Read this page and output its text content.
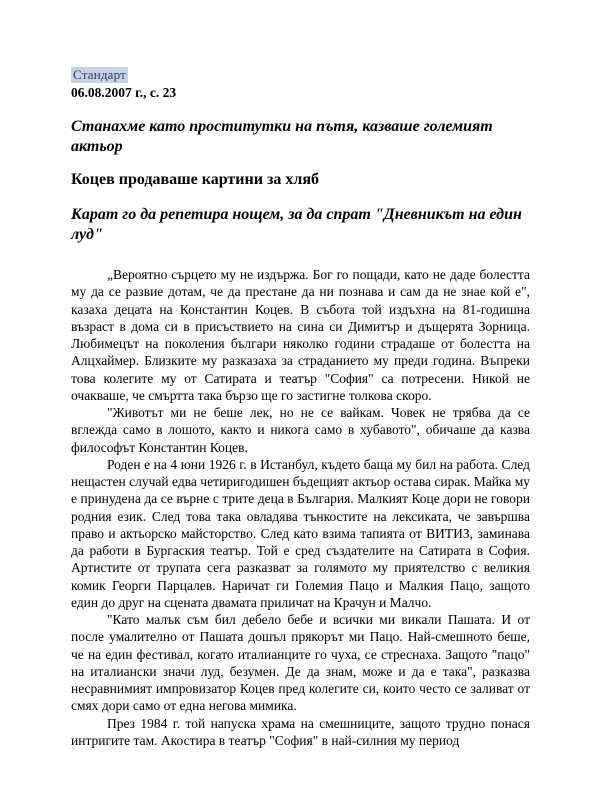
Стандарт
06.08.2007 г., с. 23
Станахме като проститутки на пътя, казваше големият актьор
Коцев продаваше картини за хляб
Карат го да репетира нощем, за да спрат "Дневникът на един луд"

„Вероятно сърцето му не издържа. Бог го пощади, като не даде болестта му да се развие дотам, че да престане да ни познава и сам да не знае кой е", казаха децата на Константин Коцев. В събота той издъхна на 81-годишна възраст в дома си в присъствието на сина си Димитър и дъщерята Зорница. Любимецът на поколения българи няколко години страдаше от болестта на Алцхаймер. Близките му разказаха за страданието му преди година. Въпреки това колегите му от Сатирата и театър "София" са потресени. Никой не очакваше, че смъртта така бързо ще го застигне толкова скоро.

"Животът ми не беше лек, но не се вайкам. Човек не трябва да се вглежда само в лошото, както и никога само в хубавото", обичаше да казва философът Константин Коцев.

Роден е на 4 юни 1926 г. в Истанбул, където баща му бил на работа. След нещастен случай едва четиригодишен бъдещият актьор остава сирак. Майка му е принудена да се върне с трите деца в България. Малкият Коце дори не говори родния език. След това така овладява тънкостите на лексиката, че завършва право и актьорско майсторство. След като взима тапията от ВИТИЗ, заминава да работи в Бургаския театър. Той е сред създателите на Сатирата в София. Артистите от трупата сега разказват за голямото му приятелство с великия комик Георги Парцалев. Наричат ги Големия Пацо и Малкия Пацо, защото един до друг на сцената двамата приличат на Крачун и Малчо.

"Като малък съм бил дебело бебе и всички ми викали Пашата. И от после умалително от Пашата дошъл прякорът ми Пацо. Най-смешното беше, че на един фестивал, когато италианците го чуха, се стреснаха. Защото "пацо" на италиански значи луд, безумен. Де да знам, може и да е така", разказва несравнимият импровизатор Коцев пред колегите си, които често се заливат от смях дори само от една негова мимика.

През 1984 г. той напуска храма на смешниците, защото трудно понася интригите там. Акостира в театър "София" в най-силния му период
